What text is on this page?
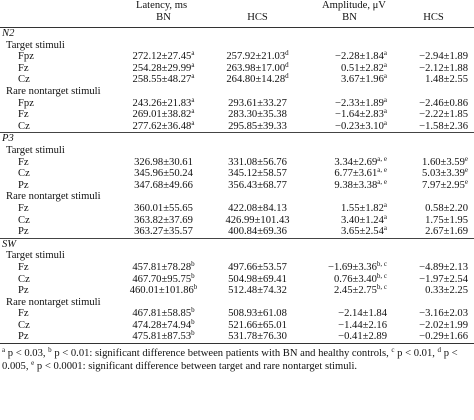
	Latency, ms		Amplitude, μV	
	BN	HCS	BN	HCS
N2				
Target stimuli				
Fpz	272.12±27.45$^a$	257.92±21.03$^d$	−2.28±1.84$^a$	−2.94±1.89
Fz	254.28±29.99$^a$	263.98±17.00$^d$	0.51±2.82$^a$	−2.12±1.88
Cz	258.55±48.27$^a$	264.80±14.28$^d$	3.67±1.96$^a$	1.48±2.55
Rare nontarget stimuli				
Fpz	243.26±21.83$^a$	293.61±33.27	−2.33±1.89$^a$	−2.46±0.86
Fz	269.01±38.82$^a$	283.30±35.38	−1.64±2.83$^a$	−2.22±1.85
Cz	277.62±36.48$^a$	295.85±39.33	−0.23±3.10$^a$	−1.58±2.36
P3				
Target stimuli				
Fz	326.98±30.61	331.08±56.76	$3.34\pm 2.69^{a, e}$	1.60±3.59$^e$
Cz	345.96±50.24	345.12±58.57	$6.77\pm 3.61^{a, e}$	5.03±3.39$^e$
Pz	347.68±49.66	356.43±68.77	$9.38\pm 3.38^{a, e}$	7.97±2.95$^e$
Rare nontarget stimuli				
Fz	360.01±55.65	422.08±84.13	1.55±1.82$^a$	0.58±2.20
Cz	363.82±37.69	426.99±101.43	3.40±1.24$^a$	1.75±1.95
Pz	363.27±35.57	400.84±69.36	3.65±2.54$^a$	2.67±1.69
SW				
Target stimuli				
Fz	457.81±78.28$^b$	497.66±53.57	$-1.69\pm 3.36^{b, c}$	−4.89±2.13
Cz	467.70±95.75$^b$	504.98±69.41	$0.76\pm 3.40^{b, c}$	−1.97±2.54
Pz	460.01±101.86$^b$	512.48±74.32	$2.45\pm 2.75^{b, c}$	0.33±2.25
Rare nontarget stimuli				
Fz	467.81±58.85$^b$	508.93±61.08	−2.14±1.84	−3.16±2.03
Cz	474.28±74.94$^b$	521.66±65.01	−1.44±2.16	−2.02±1.99
Pz	475.81±87.53$^b$	531.78±76.30	−0.41±2.89	−0.29±1.66
$^a$ p < 0.03, $^b$ p < 0.01: significant difference between patients with BN and healthy controls, $^c$ p < 0.01, $^d$ p < 0.005, $^e$ p < 0.0001: significant difference between target and rare nontarget stimuli.
